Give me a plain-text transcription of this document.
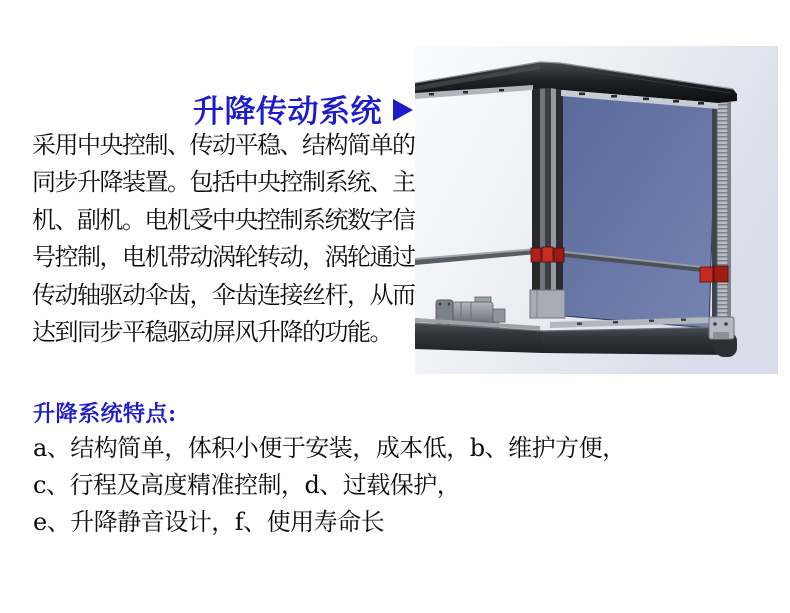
升降传动系统
采用中央控制、传动平稳、结构简单的
同步升降装置。包括中央控制系统、主
机、副机。电机受中央控制系统数字信
号控制，电机带动涡轮转动，涡轮通过
传动轴驱动伞齿，伞齿连接丝杆，从而
达到同步平稳驱动屏风升降的功能。
升降系统特点:
a、结构简单，体积小便于安装，成本低，b、维护方便，
c、行程及高度精准控制，d、过载保护，
e、升降静音设计，f、使用寿命长
